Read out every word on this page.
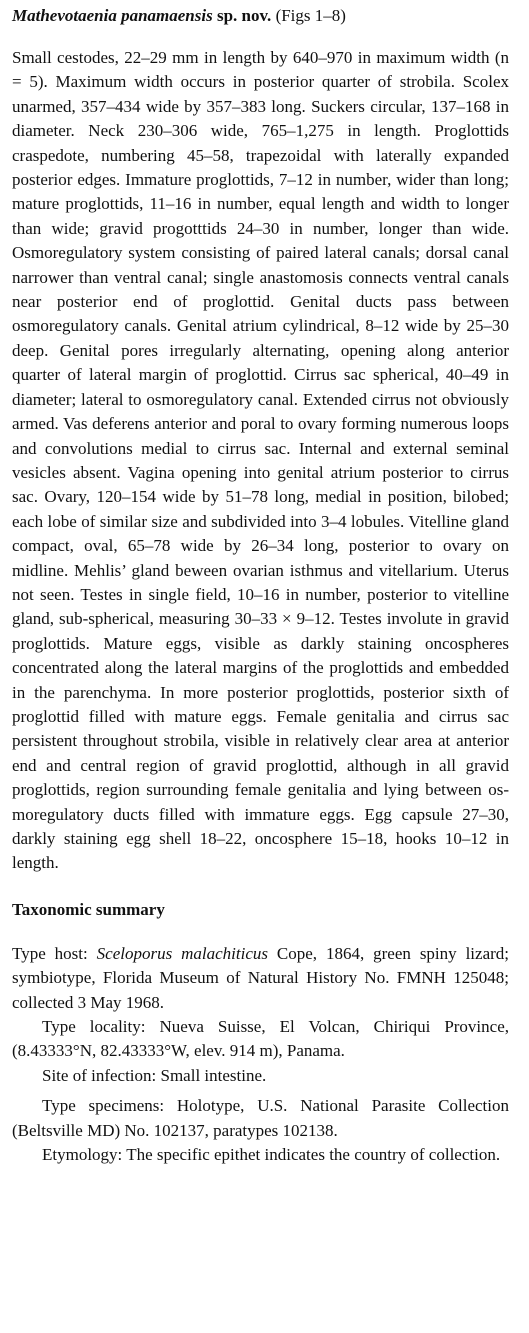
Mathevotaenia panamaensis sp. nov. (Figs 1–8)

Small cestodes, 22–29 mm in length by 640–970 in maximum width (n = 5). Maximum width occurs in posterior quarter of strobila. Scolex unarmed, 357–434 wide by 357–383 long. Suckers circular, 137–168 in diameter. Neck 230–306 wide, 765–1,275 in length. Proglottids craspedote, numbering 45–58, trapezoidal with laterally expanded posterior edges. Immature proglottids, 7–12 in number, wider than long; mature proglottids, 11–16 in number, equal length and width to longer than wide; gravid progotttids 24–30 in number, longer than wide. Osmoregulatory system consisting of paired lateral canals; dorsal canal narrower than ventral canal; single anastomosis connects ventral canals near posterior end of proglottid. Genital ducts pass between osmoregulatory canals. Genital atrium cylindrical, 8–12 wide by 25–30 deep. Genital pores irregularly alternating, opening along anterior quarter of lateral margin of proglottid. Cirrus sac spherical, 40–49 in diameter; lateral to osmoregulatory canal. Extended cirrus not obviously armed. Vas deferens anterior and poral to ovary forming numerous loops and convolutions medial to cirrus sac. Internal and external seminal vesicles absent. Vagina opening into genital atrium posterior to cirrus sac. Ovary, 120–154 wide by 51–78 long, medial in position, bilobed; each lobe of similar size and subdivided into 3–4 lobules. Vitelline gland compact, oval, 65–78 wide by 26–34 long, posterior to ovary on midline. Mehlis’ gland beween ovarian isthmus and vitellarium. Uterus not seen. Testes in single field, 10–16 in number, posterior to vitelline gland, sub-spherical, measuring 30–33 × 9–12. Testes involute in gravid proglottids. Mature eggs, visible as darkly staining oncospheres concentrated along the lateral margins of the proglottids and embedded in the parenchyma. In more posterior proglottids, posterior sixth of proglottid filled with mature eggs. Female genitalia and cirrus sac persistent throughout strobila, visible in relatively clear area at anterior end and central region of gravid proglottid, although in all gravid proglottids, region surrounding female genitalia and lying between osmoregulatory ducts filled with immature eggs. Egg capsule 27–30, darkly staining egg shell 18–22, oncosphere 15–18, hooks 10–12 in length.

Taxonomic summary

Type host: Sceloporus malachiticus Cope, 1864, green spiny lizard; symbiotype, Florida Museum of Natural History No. FMNH 125048; collected 3 May 1968.

Type locality: Nueva Suisse, El Volcan, Chiriqui Province, (8.43333°N, 82.43333°W, elev. 914 m), Panama.

Site of infection: Small intestine.

Type specimens: Holotype, U.S. National Parasite Collection (Beltsville MD) No. 102137, paratypes 102138.

Etymology: The specific epithet indicates the country of collection.
